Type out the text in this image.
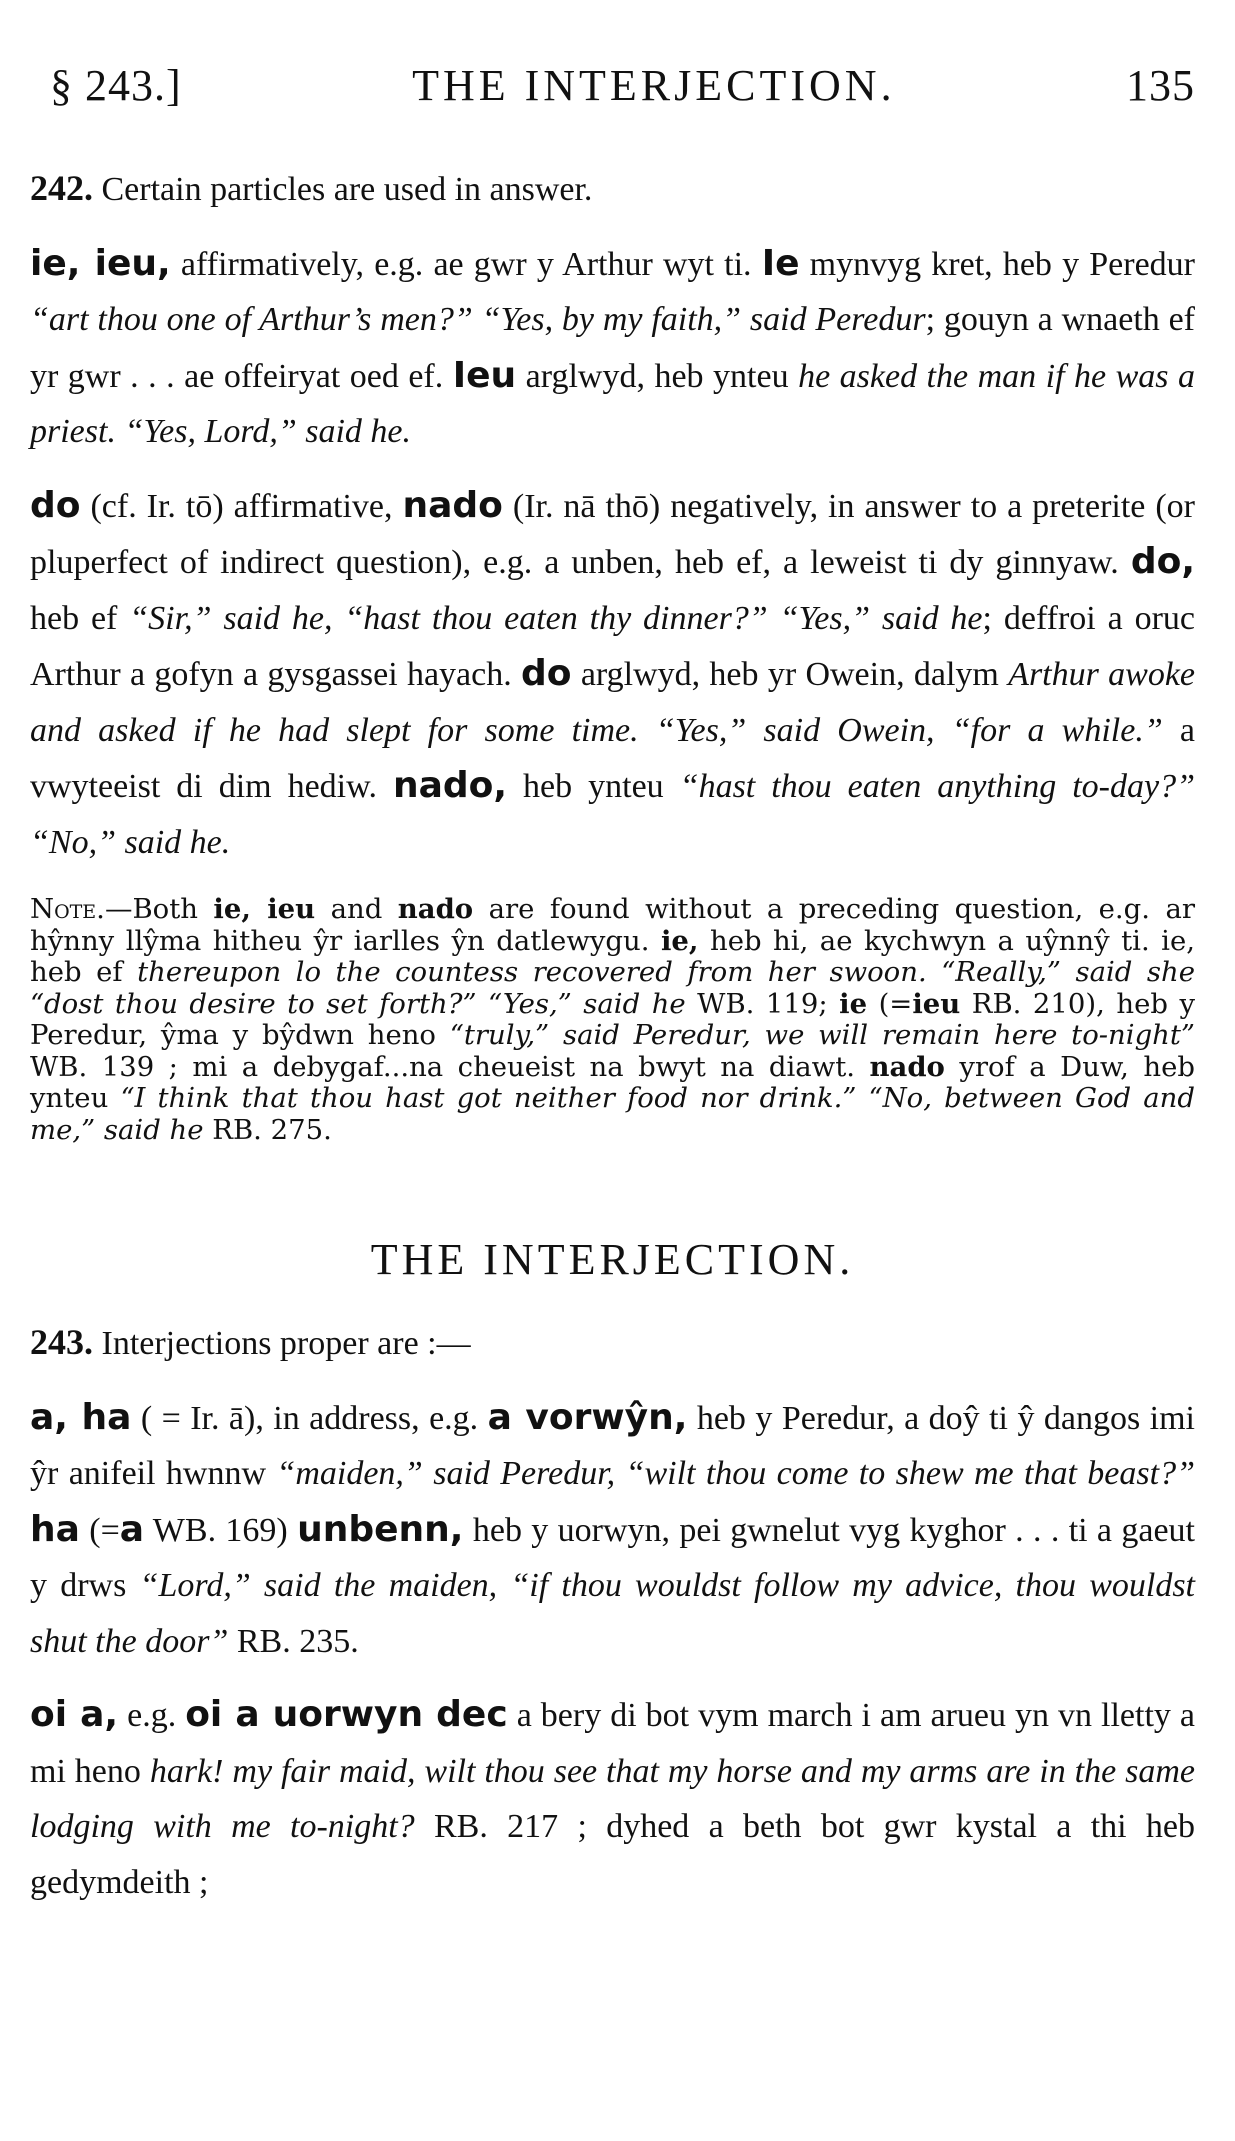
§ 243.]	THE INTERJECTION.	135

242. Certain particles are used in answer.

ie, ieu, affirmatively, e.g. ae gwr y Arthur wyt ti. Ie mynvyg kret, heb y Peredur “art thou one of Arthur’s men?” “Yes, by my faith,” said Peredur; gouyn a wnaeth ef yr gwr . . . ae offeiryat oed ef. Ieu arglwyd, heb ynteu he asked the man if he was a priest. “Yes, Lord,” said he.

do (cf. Ir. tō) affirmative, nado (Ir. nā thō) negatively, in answer to a preterite (or pluperfect of indirect question), e.g. a unben, heb ef, a leweist ti dy ginnyaw. do, heb ef “Sir,” said he, “hast thou eaten thy dinner?” “Yes,” said he; deffroi a oruc Arthur a gofyn a gysgassei hayach. do arglwyd, heb yr Owein, dalym Arthur awoke and asked if he had slept for some time. “Yes,” said Owein, “for a while.” a vwyteeist di dim hediw. nado, heb ynteu “hast thou eaten anything to-day?” “No,” said he.

Note.—Both ie, ieu and nado are found without a preceding question, e.g. ar hŷnny llŷma hitheu ŷr iarlles ŷn datlewygu. ie, heb hi, ae kychwyn a uŷnnŷ ti. ie, heb ef thereupon lo the countess recovered from her swoon. “Really,” said she “dost thou desire to set forth?” “Yes,” said he WB. 119; ie (=ieu RB. 210), heb y Peredur, ŷma y bŷdwn heno “truly,” said Peredur, we will remain here to-night” WB. 139 ; mi a debygaf...na cheueist na bwyt na diawt. nado yrof a Duw, heb ynteu “I think that thou hast got neither food nor drink.” “No, between God and me,” said he RB. 275.

THE INTERJECTION.

243. Interjections proper are :—

a, ha ( = Ir. ā), in address, e.g. a vorwŷn, heb y Peredur, a doŷ ti ŷ dangos imi ŷr anifeil hwnnw “maiden,” said Peredur, “wilt thou come to shew me that beast?” ha (=a WB. 169) unbenn, heb y uorwyn, pei gwnelut vyg kyghor . . . ti a gaeut y drws “Lord,” said the maiden, “if thou wouldst follow my advice, thou wouldst shut the door” RB. 235.

oi a, e.g. oi a uorwyn dec a bery di bot vym march i am arueu yn vn lletty a mi heno hark! my fair maid, wilt thou see that my horse and my arms are in the same lodging with me to-night? RB. 217 ; dyhed a beth bot gwr kystal a thi heb gedymdeith ;
